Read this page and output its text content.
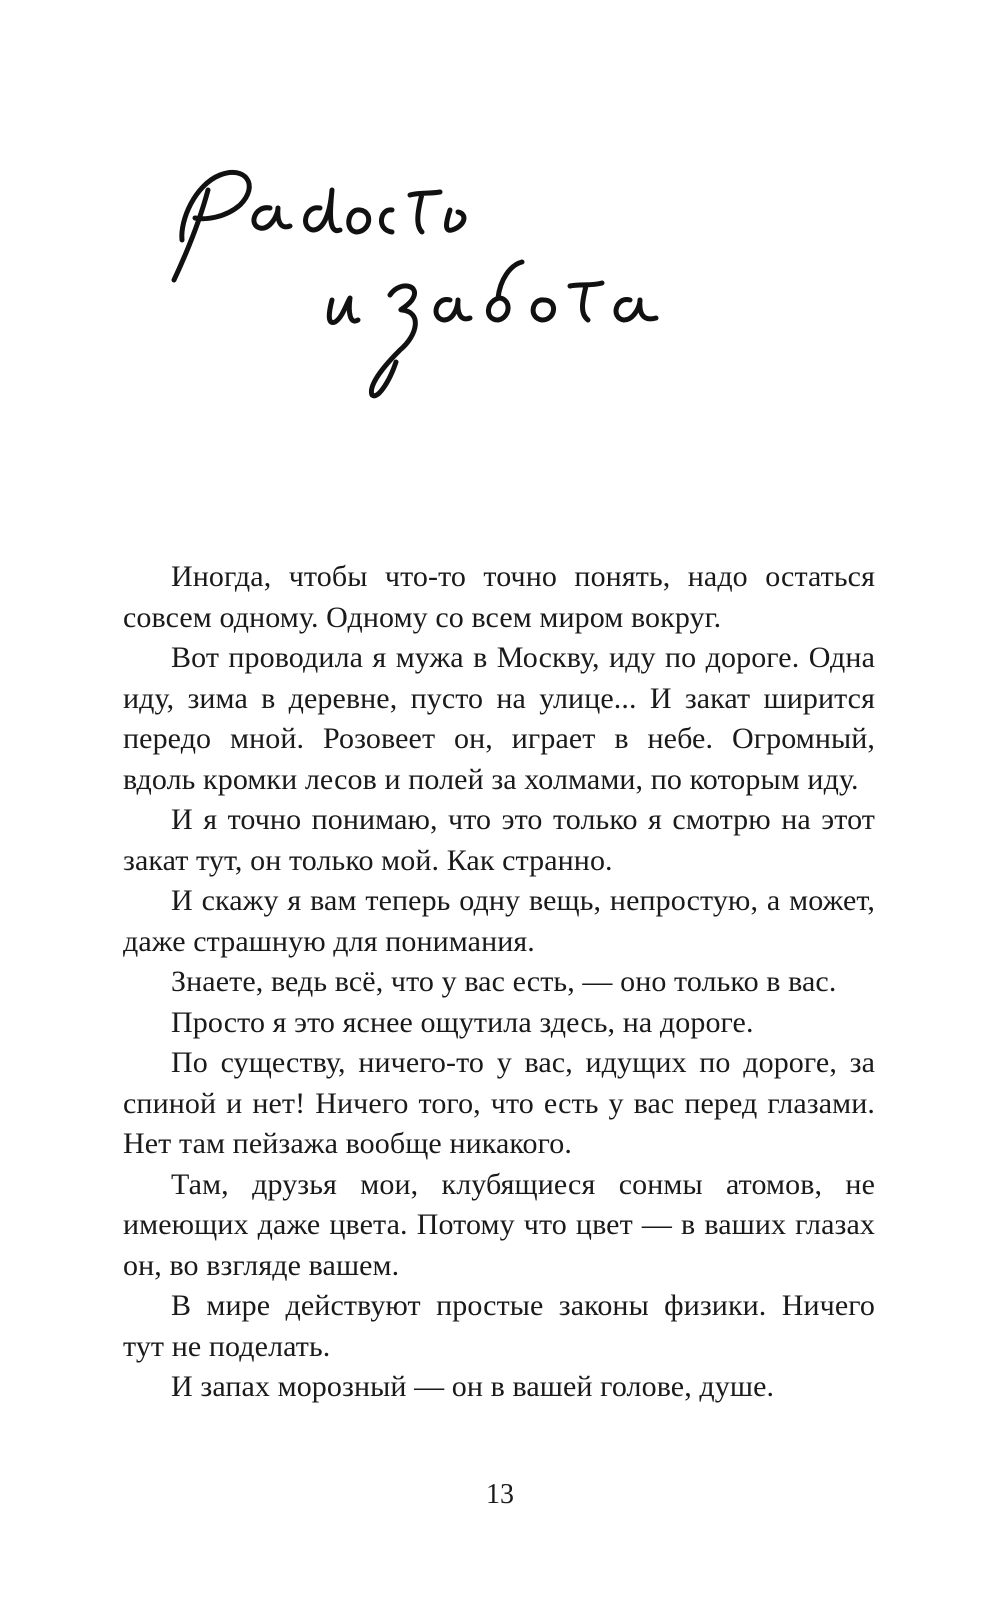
Иногда, чтобы что-то точно понять, надо остаться совсем одному. Одному со всем миром вокруг.

Вот проводила я мужа в Москву, иду по дороге. Одна иду, зима в деревне, пусто на улице... И закат ширится передо мной. Розовеет он, играет в небе. Огромный, вдоль кромки лесов и полей за холмами, по которым иду.

И я точно понимаю, что это только я смотрю на этот закат тут, он только мой. Как странно.

И скажу я вам теперь одну вещь, непростую, а может, даже страшную для понимания.

Знаете, ведь всё, что у вас есть, — оно только в вас.

Просто я это яснее ощутила здесь, на дороге.

По существу, ничего-то у вас, идущих по дороге, за спиной и нет! Ничего того, что есть у вас перед глазами. Нет там пейзажа вообще никакого.

Там, друзья мои, клубящиеся сонмы атомов, не имеющих даже цвета. Потому что цвет — в ваших глазах он, во взгляде вашем.

В мире действуют простые законы физики. Ничего тут не поделать.

И запах морозный — он в вашей голове, душе.

13
